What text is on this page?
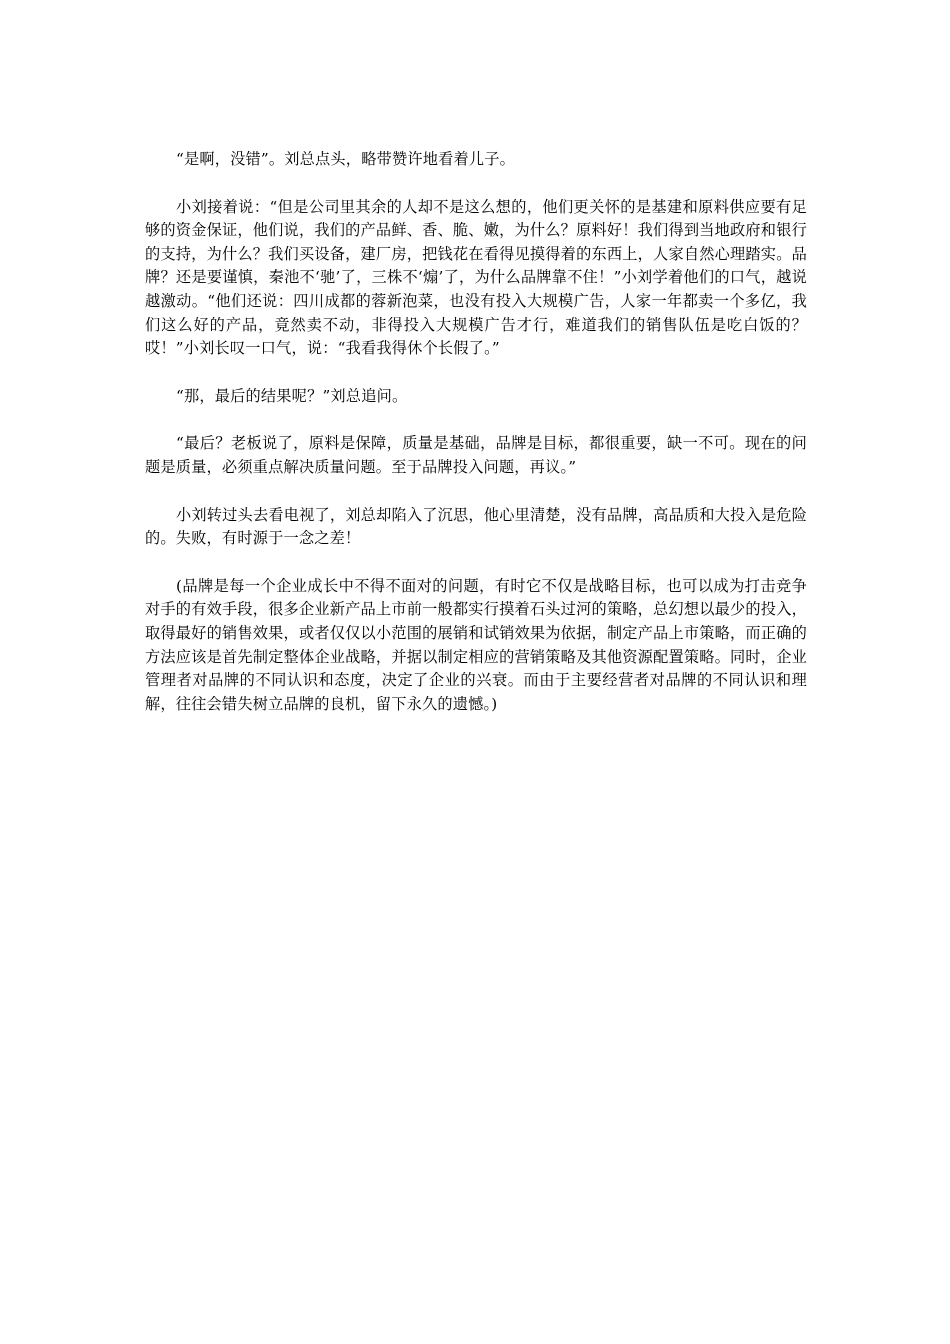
“是啊，没错”。刘总点头，略带赞许地看着儿子。

小刘接着说：“但是公司里其余的人却不是这么想的，他们更关怀的是基建和原料供应要有足够的资金保证，他们说，我们的产品鲜、香、脆、嫩，为什么？原料好！我们得到当地政府和银行的支持，为什么？我们买设备，建厂房，把钱花在看得见摸得着的东西上，人家自然心理踏实。品牌？还是要谨慎，秦池不‘驰’了，三株不‘煽’了，为什么品牌靠不住！”小刘学着他们的口气，越说越激动。“他们还说：四川成都的蓉新泡菜，也没有投入大规模广告，人家一年都卖一个多亿，我们这么好的产品，竟然卖不动，非得投入大规模广告才行，难道我们的销售队伍是吃白饭的？哎！”小刘长叹一口气，说：“我看我得休个长假了。”

“那，最后的结果呢？”刘总追问。

“最后？老板说了，原料是保障，质量是基础，品牌是目标，都很重要，缺一不可。现在的问题是质量，必须重点解决质量问题。至于品牌投入问题，再议。”

小刘转过头去看电视了，刘总却陷入了沉思，他心里清楚，没有品牌，高品质和大投入是危险的。失败，有时源于一念之差！

(品牌是每一个企业成长中不得不面对的问题，有时它不仅是战略目标，也可以成为打击竞争对手的有效手段，很多企业新产品上市前一般都实行摸着石头过河的策略，总幻想以最少的投入，取得最好的销售效果，或者仅仅以小范围的展销和试销效果为依据，制定产品上市策略，而正确的方法应该是首先制定整体企业战略，并据以制定相应的营销策略及其他资源配置策略。同时，企业管理者对品牌的不同认识和态度，决定了企业的兴衰。而由于主要经营者对品牌的不同认识和理解，往往会错失树立品牌的良机，留下永久的遗憾。)
